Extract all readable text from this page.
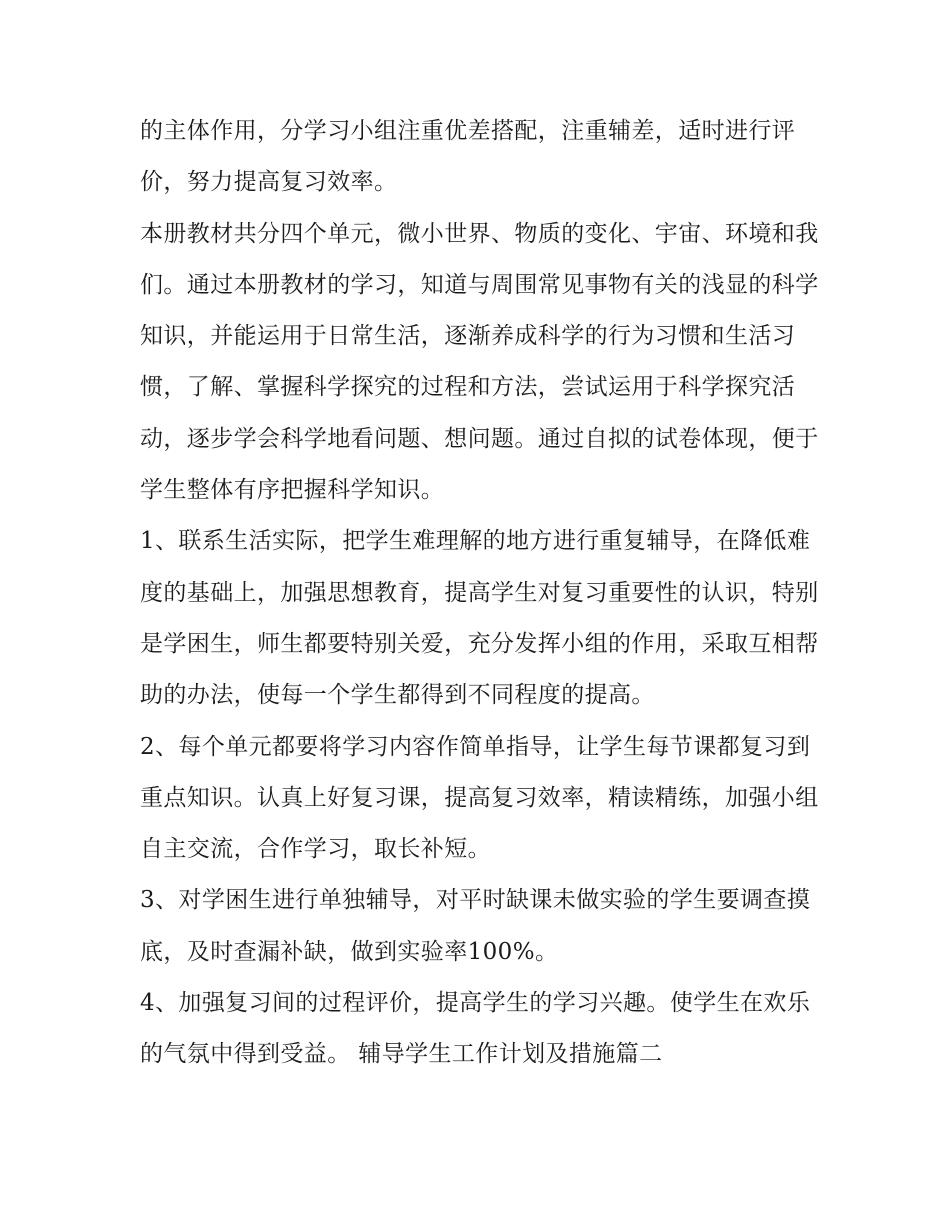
的主体作用，分学习小组注重优差搭配，注重辅差，适时进行评价，努力提高复习效率。

本册教材共分四个单元，微小世界、物质的变化、宇宙、环境和我们。通过本册教材的学习，知道与周围常见事物有关的浅显的科学知识，并能运用于日常生活，逐渐养成科学的行为习惯和生活习惯，了解、掌握科学探究的过程和方法，尝试运用于科学探究活动，逐步学会科学地看问题、想问题。通过自拟的试卷体现，便于学生整体有序把握科学知识。

1、联系生活实际，把学生难理解的地方进行重复辅导，在降低难度的基础上，加强思想教育，提高学生对复习重要性的认识，特别是学困生，师生都要特别关爱，充分发挥小组的作用，采取互相帮助的办法，使每一个学生都得到不同程度的提高。

2、每个单元都要将学习内容作简单指导，让学生每节课都复习到重点知识。认真上好复习课，提高复习效率，精读精练，加强小组自主交流，合作学习，取长补短。

3、对学困生进行单独辅导，对平时缺课未做实验的学生要调查摸底，及时查漏补缺，做到实验率100%。

4、加强复习间的过程评价，提高学生的学习兴趣。使学生在欢乐的气氛中得到受益。 辅导学生工作计划及措施篇二
